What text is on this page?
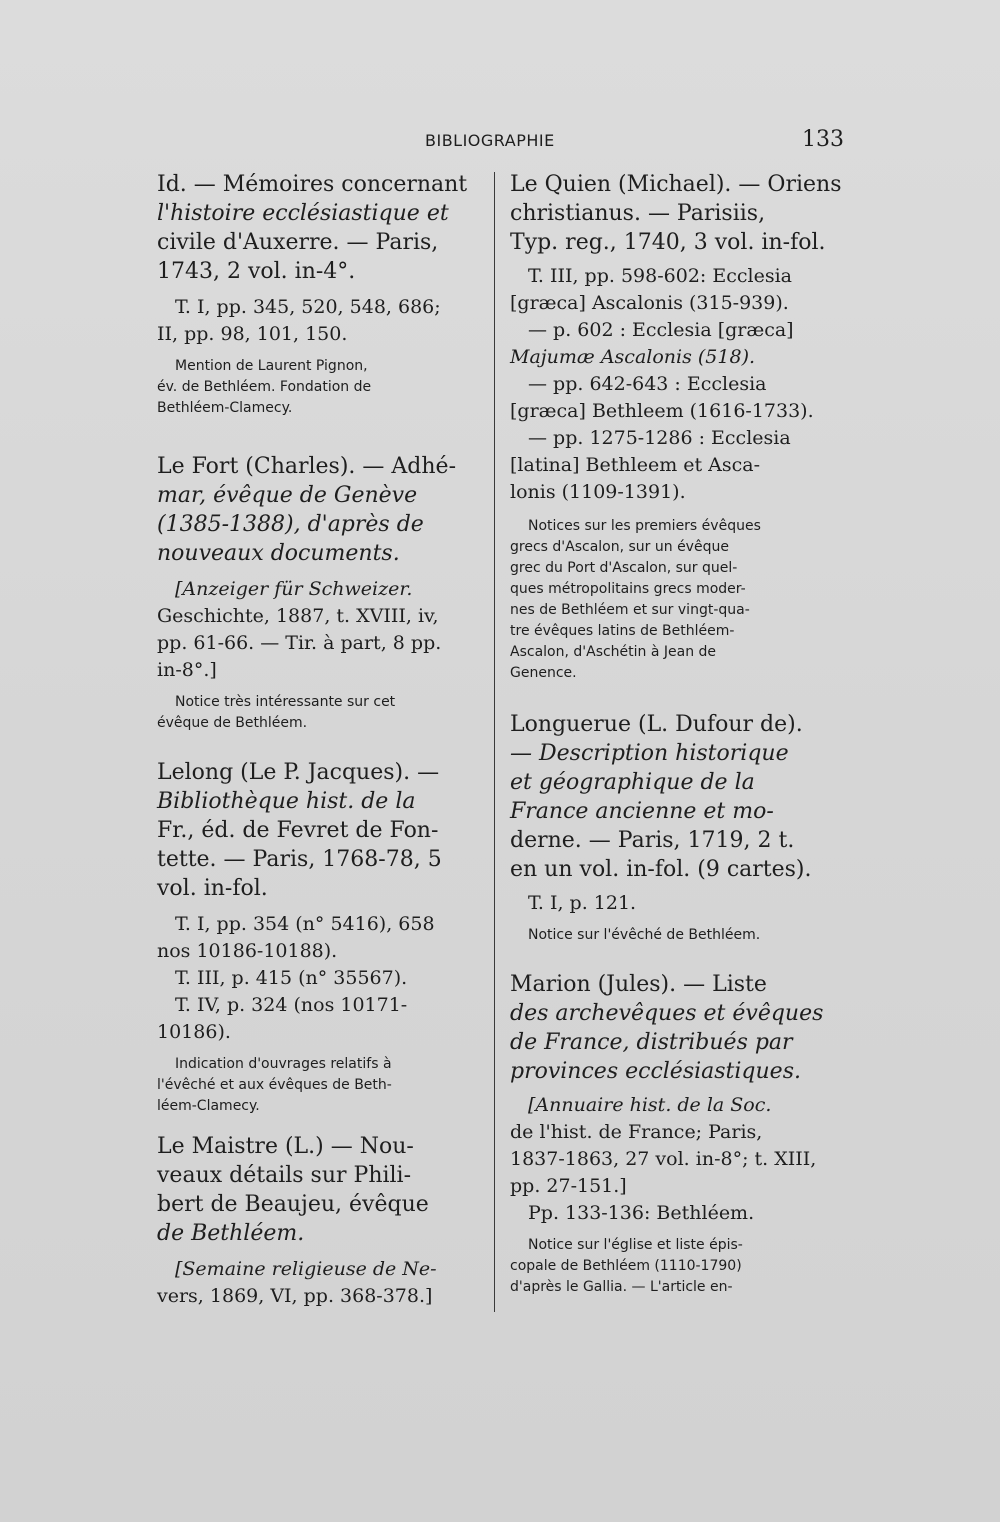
BIBLIOGRAPHIE	133
Id. — Mémoires concernant
l'histoire ecclésiastique et
civile d'Auxerre. — Paris,
1743, 2 vol. in-4°.
T. I, pp. 345, 520, 548, 686;
II, pp. 98, 101, 150.
Mention de Laurent Pignon,
év. de Bethléem. Fondation de
Bethléem-Clamecy.
Le Fort (Charles). — Adhé-
mar, évêque de Genève
(1385-1388), d'après de
nouveaux documents.
[Anzeiger für Schweizer.
Geschichte, 1887, t. XVIII, iv,
pp. 61-66. — Tir. à part, 8 pp.
in-8°.]
Notice très intéressante sur cet
évêque de Bethléem.
Lelong (Le P. Jacques). —
Bibliothèque hist. de la
Fr., éd. de Fevret de Fon-
tette. — Paris, 1768-78, 5
vol. in-fol.
T. I, pp. 354 (n° 5416), 658
nos 10186-10188).
T. III, p. 415 (n° 35567).
T. IV, p. 324 (nos 10171-
10186).
Indication d'ouvrages relatifs à
l'évêché et aux évêques de Beth-
léem-Clamecy.
Le Maistre (L.) — Nou-
veaux détails sur Phili-
bert de Beaujeu, évêque
de Bethléem.
[Semaine religieuse de Ne-
vers, 1869, VI, pp. 368-378.]
Le Quien (Michael). — Oriens
christianus. — Parisiis,
Typ. reg., 1740, 3 vol. in-fol.
T. III, pp. 598-602: Ecclesia
[græca] Ascalonis (315-939).
— p. 602 : Ecclesia [græca]
Majumæ Ascalonis (518).
— pp. 642-643 : Ecclesia
[græca] Bethleem (1616-1733).
— pp. 1275-1286 : Ecclesia
[latina] Bethleem et Asca-
lonis (1109-1391).
Notices sur les premiers évêques
grecs d'Ascalon, sur un évêque
grec du Port d'Ascalon, sur quel-
ques métropolitains grecs moder-
nes de Bethléem et sur vingt-qua-
tre évêques latins de Bethléem-
Ascalon, d'Aschétin à Jean de
Genence.
Longuerue (L. Dufour de).
— Description historique
et géographique de la
France ancienne et mo-
derne. — Paris, 1719, 2 t.
en un vol. in-fol. (9 cartes).
T. I, p. 121.
Notice sur l'évêché de Bethléem.
Marion (Jules). — Liste
des archevêques et évêques
de France, distribués par
provinces ecclésiastiques.
[Annuaire hist. de la Soc.
de l'hist. de France; Paris,
1837-1863, 27 vol. in-8°; t. XIII,
pp. 27-151.]
Pp. 133-136: Bethléem.
Notice sur l'église et liste épis-
copale de Bethléem (1110-1790)
d'après le Gallia. — L'article en-
